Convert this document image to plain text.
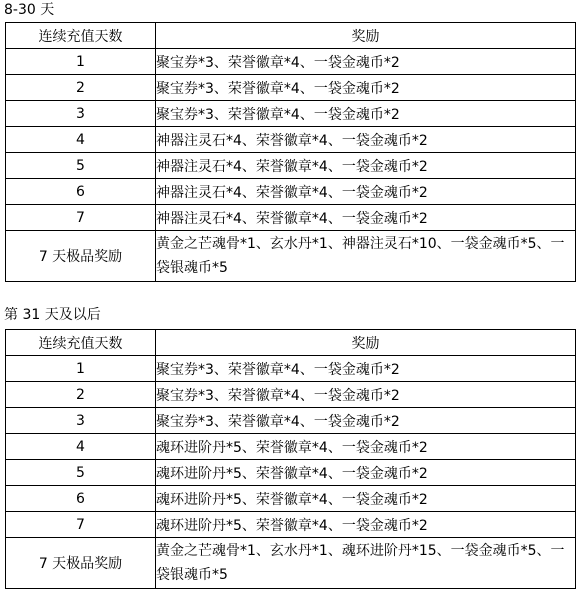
8-30 天
连续充值天数	奖励
1	聚宝券*3、荣誉徽章*4、一袋金魂币*2
2	聚宝券*3、荣誉徽章*4、一袋金魂币*2
3	聚宝券*3、荣誉徽章*4、一袋金魂币*2
4	神器注灵石*4、荣誉徽章*4、一袋金魂币*2
5	神器注灵石*4、荣誉徽章*4、一袋金魂币*2
6	神器注灵石*4、荣誉徽章*4、一袋金魂币*2
7	神器注灵石*4、荣誉徽章*4、一袋金魂币*2
7 天极品奖励	黄金之芒魂骨*1、玄水丹*1、神器注灵石*10、一袋金魂币*5、一袋银魂币*5
第 31 天及以后
连续充值天数	奖励
1	聚宝券*3、荣誉徽章*4、一袋金魂币*2
2	聚宝券*3、荣誉徽章*4、一袋金魂币*2
3	聚宝券*3、荣誉徽章*4、一袋金魂币*2
4	魂环进阶丹*5、荣誉徽章*4、一袋金魂币*2
5	魂环进阶丹*5、荣誉徽章*4、一袋金魂币*2
6	魂环进阶丹*5、荣誉徽章*4、一袋金魂币*2
7	魂环进阶丹*5、荣誉徽章*4、一袋金魂币*2
7 天极品奖励	黄金之芒魂骨*1、玄水丹*1、魂环进阶丹*15、一袋金魂币*5、一袋银魂币*5
